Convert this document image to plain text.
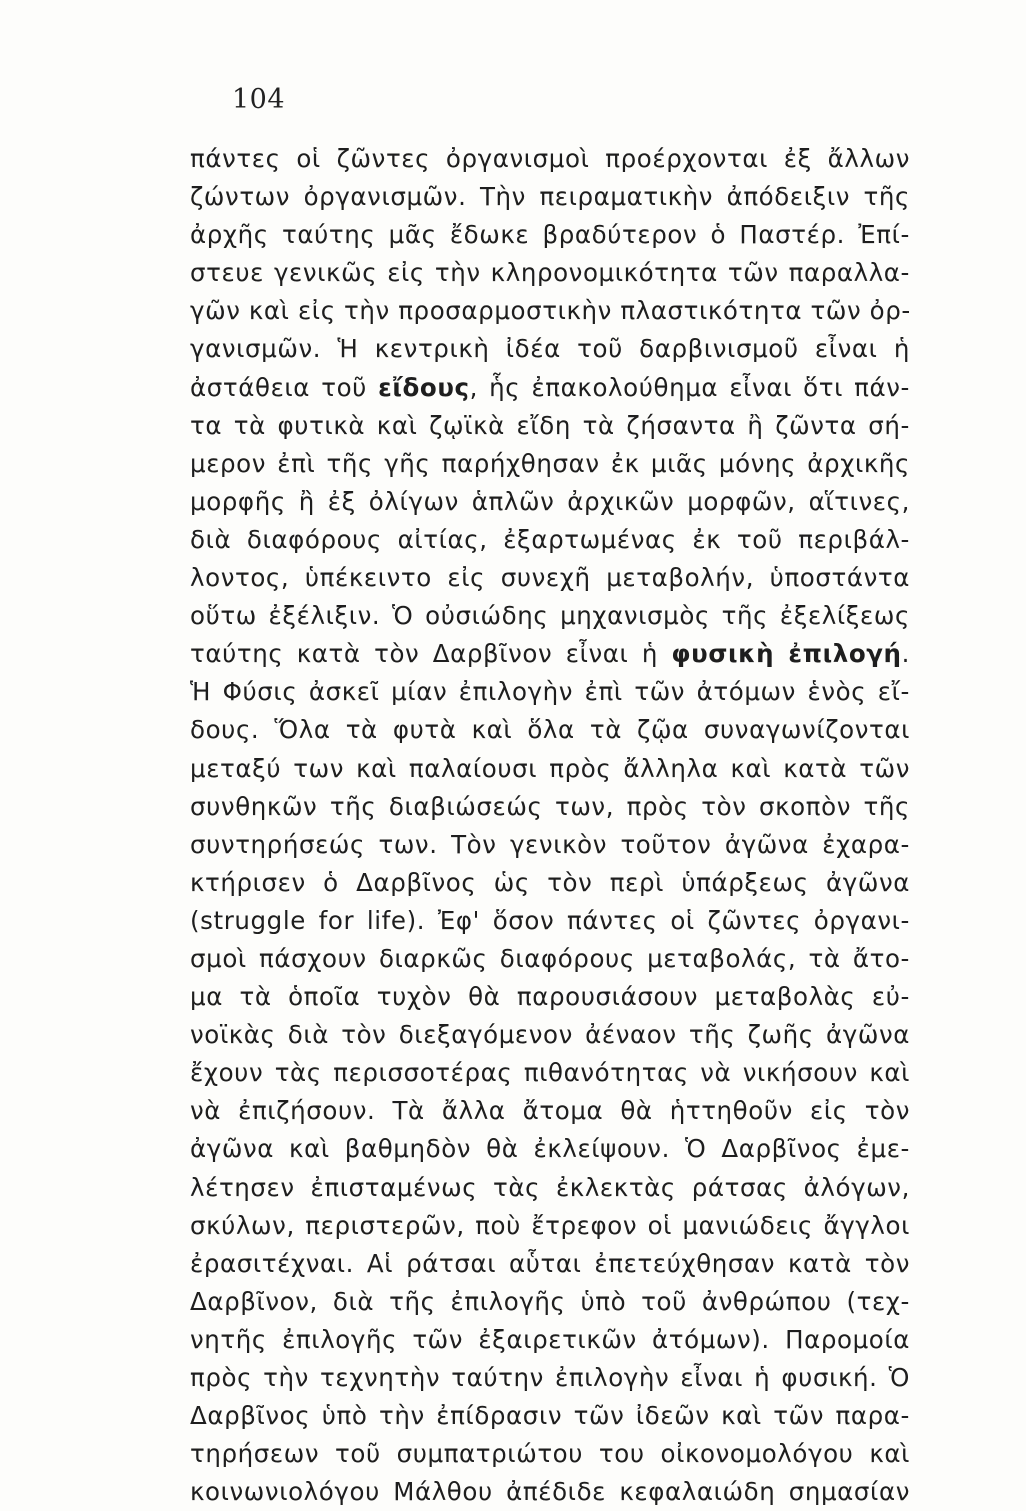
104
πάντες οἱ ζῶντες ὀργανισμοὶ προέρχονται ἐξ ἄλλων
ζώντων ὀργανισμῶν. Τὴν πειραματικὴν ἀπόδειξιν τῆς
ἀρχῆς ταύτης μᾶς ἔδωκε βραδύτερον ὁ Παστέρ. Ἐπί-
στευε γενικῶς εἰς τὴν κληρονομικότητα τῶν παραλλα-
γῶν καὶ εἰς τὴν προσαρμοστικὴν πλαστικότητα τῶν ὀρ-
γανισμῶν. Ἡ κεντρικὴ ἰδέα τοῦ δαρβινισμοῦ εἶναι ἡ
ἀστάθεια τοῦ εἴδους, ἧς ἐπακολούθημα εἶναι ὅτι πάν-
τα τὰ φυτικὰ καὶ ζῳϊκὰ εἴδη τὰ ζήσαντα ἢ ζῶντα σή-
μερον ἐπὶ τῆς γῆς παρήχθησαν ἐκ μιᾶς μόνης ἀρχικῆς
μορφῆς ἢ ἐξ ὀλίγων ἁπλῶν ἀρχικῶν μορφῶν, αἵτινες,
διὰ διαφόρους αἰτίας, ἐξαρτωμένας ἐκ τοῦ περιβάλ-
λοντος, ὑπέκειντο εἰς συνεχῆ μεταβολήν, ὑποστάντα
οὕτω ἐξέλιξιν. Ὁ οὐσιώδης μηχανισμὸς τῆς ἐξελίξεως
ταύτης κατὰ τὸν Δαρβῖνον εἶναι ἡ φυσικὴ ἐπιλογή.
Ἡ Φύσις ἀσκεῖ μίαν ἐπιλογὴν ἐπὶ τῶν ἀτόμων ἑνὸς εἴ-
δους. Ὅλα τὰ φυτὰ καὶ ὅλα τὰ ζῷα συναγωνίζονται
μεταξύ των καὶ παλαίουσι πρὸς ἄλληλα καὶ κατὰ τῶν
συνθηκῶν τῆς διαβιώσεώς των, πρὸς τὸν σκοπὸν τῆς
συντηρήσεώς των. Τὸν γενικὸν τοῦτον ἀγῶνα ἐχαρα-
κτήρισεν ὁ Δαρβῖνος ὡς τὸν περὶ ὑπάρξεως ἀγῶνα
(struggle for life). Ἐφ' ὅσον πάντες οἱ ζῶντες ὀργανι-
σμοὶ πάσχουν διαρκῶς διαφόρους μεταβολάς, τὰ ἄτο-
μα τὰ ὁποῖα τυχὸν θὰ παρουσιάσουν μεταβολὰς εὐ-
νοϊκὰς διὰ τὸν διεξαγόμενον ἀέναον τῆς ζωῆς ἀγῶνα
ἔχουν τὰς περισσοτέρας πιθανότητας νὰ νικήσουν καὶ
νὰ ἐπιζήσουν. Τὰ ἄλλα ἄτομα θὰ ἡττηθοῦν εἰς τὸν
ἀγῶνα καὶ βαθμηδὸν θὰ ἐκλείψουν. Ὁ Δαρβῖνος ἐμε-
λέτησεν ἐπισταμένως τὰς ἐκλεκτὰς ράτσας ἀλόγων,
σκύλων, περιστερῶν, ποὺ ἔτρεφον οἱ μανιώδεις ἄγγλοι
ἐρασιτέχναι. Αἱ ράτσαι αὗται ἐπετεύχθησαν κατὰ τὸν
Δαρβῖνον, διὰ τῆς ἐπιλογῆς ὑπὸ τοῦ ἀνθρώπου (τεχ-
νητῆς ἐπιλογῆς τῶν ἐξαιρετικῶν ἀτόμων). Παρομοία
πρὸς τὴν τεχνητὴν ταύτην ἐπιλογὴν εἶναι ἡ φυσική. Ὁ
Δαρβῖνος ὑπὸ τὴν ἐπίδρασιν τῶν ἰδεῶν καὶ τῶν παρα-
τηρήσεων τοῦ συμπατριώτου του οἰκονομολόγου καὶ
κοινωνιολόγου Μάλθου ἀπέδιδε κεφαλαιώδη σημασίαν
